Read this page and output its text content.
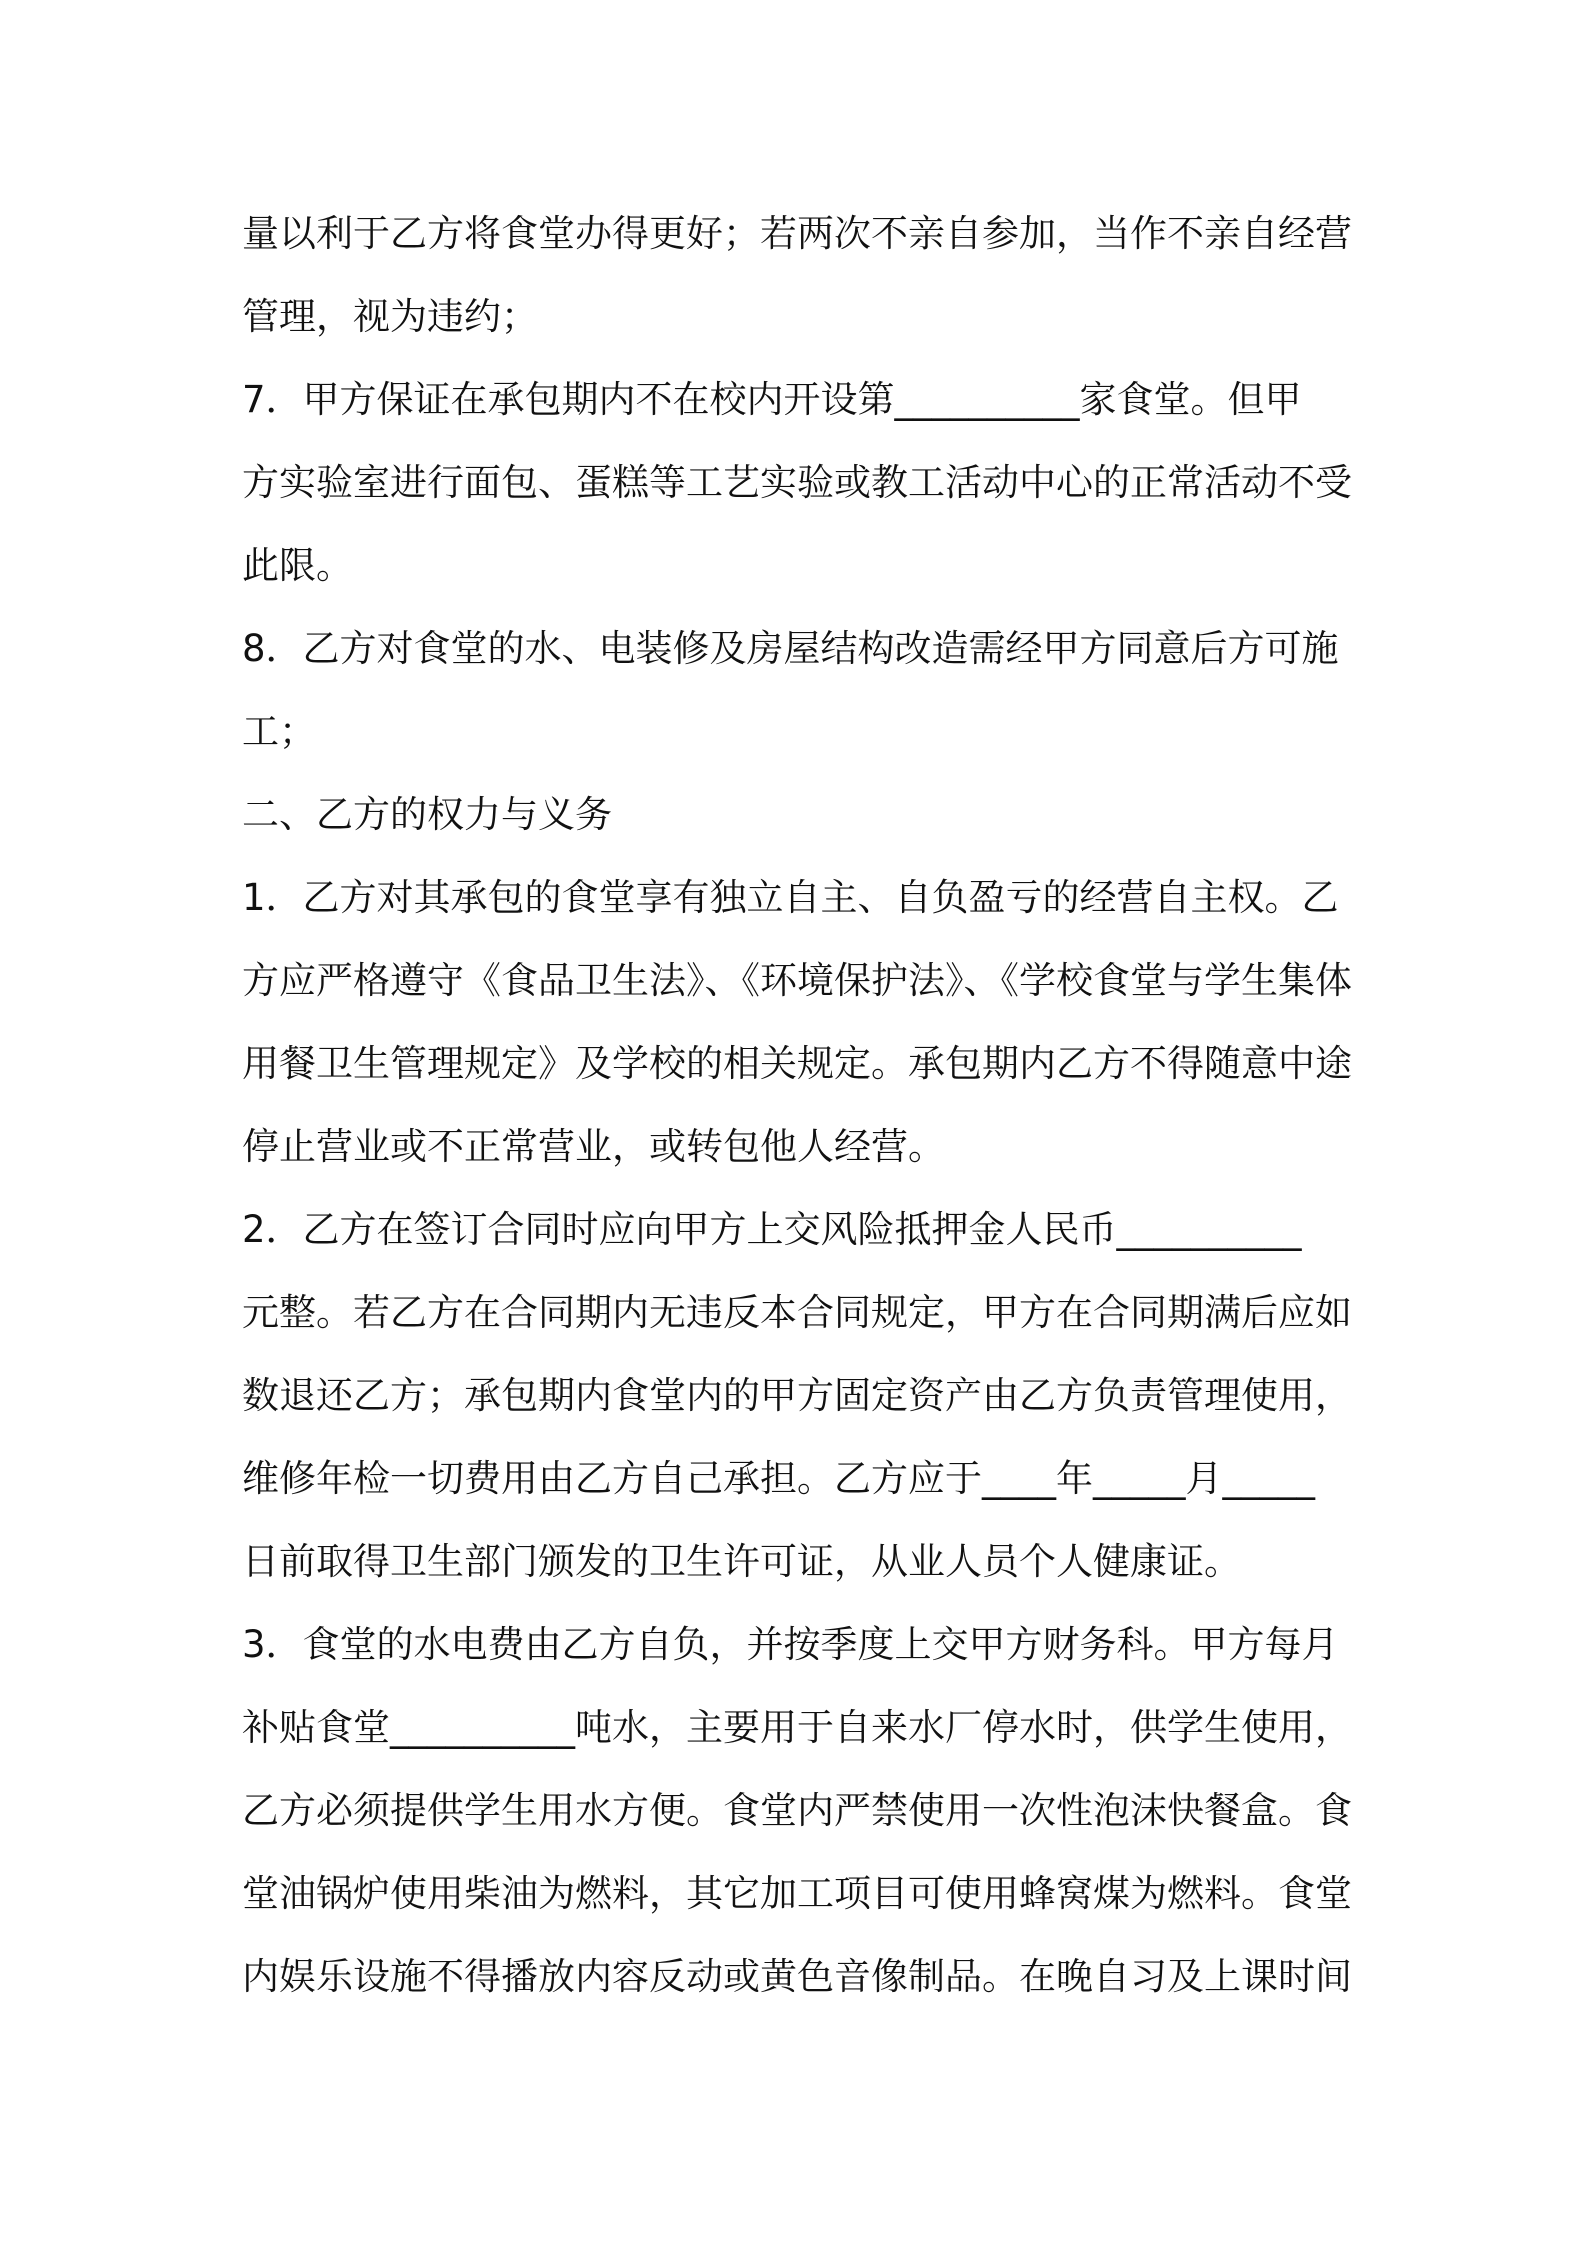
量以利于乙方将食堂办得更好；若两次不亲自参加，当作不亲自经营
管理，视为违约；
7．甲方保证在承包期内不在校内开设第__________家食堂。但甲
方实验室进行面包、蛋糕等工艺实验或教工活动中心的正常活动不受
此限。
8．乙方对食堂的水、电装修及房屋结构改造需经甲方同意后方可施
工；
二、乙方的权力与义务
1．乙方对其承包的食堂享有独立自主、自负盈亏的经营自主权。乙
方应严格遵守《食品卫生法》、《环境保护法》、《学校食堂与学生集体
用餐卫生管理规定》及学校的相关规定。承包期内乙方不得随意中途
停止营业或不正常营业，或转包他人经营。
2．乙方在签订合同时应向甲方上交风险抵押金人民币__________
元整。若乙方在合同期内无违反本合同规定，甲方在合同期满后应如
数退还乙方；承包期内食堂内的甲方固定资产由乙方负责管理使用，
维修年检一切费用由乙方自己承担。乙方应于____年_____月_____
日前取得卫生部门颁发的卫生许可证，从业人员个人健康证。
3．食堂的水电费由乙方自负，并按季度上交甲方财务科。甲方每月
补贴食堂__________吨水，主要用于自来水厂停水时，供学生使用，
乙方必须提供学生用水方便。食堂内严禁使用一次性泡沫快餐盒。食
堂油锅炉使用柴油为燃料，其它加工项目可使用蜂窝煤为燃料。食堂
内娱乐设施不得播放内容反动或黄色音像制品。在晚自习及上课时间
